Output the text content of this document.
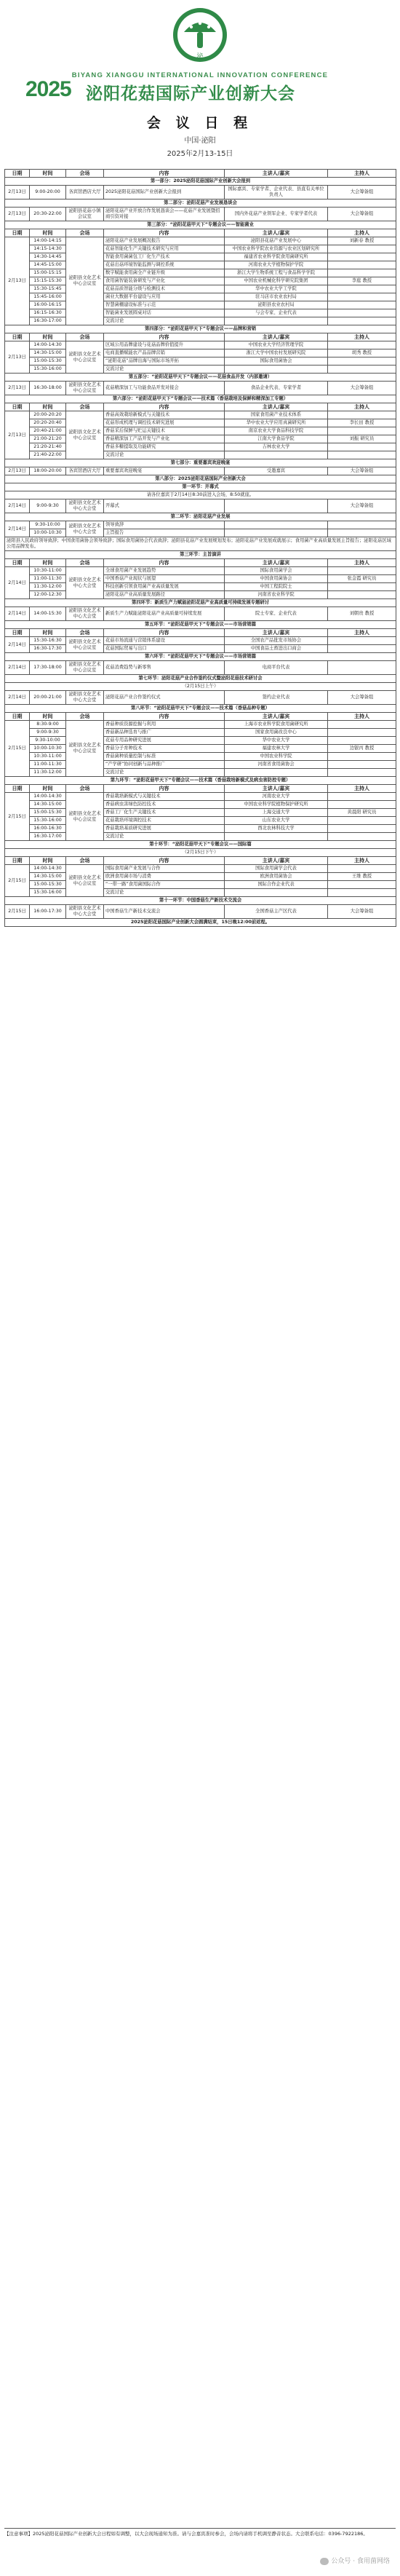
泌
BIYANG XIANGGU INTERNATIONAL INNOVATION CONFERENCE
2025 泌阳花菇国际产业创新大会
会 议 日 程
中国·泌阳
2025年2月13-15日
日期	时间	会场	内容	主讲人/嘉宾	主持人
第一部分：2025泌阳花菇国际产业创新大会报到					
2月13日	9:00-20:00	各宾馆酒店大厅	2025泌阳花菇国际产业创新大会报到	国际嘉宾、专家学者、企业代表、县直有关单位负责人	大会筹备组
第二部分：泌阳花菇产业发展恳谈会					
2月13日	20:30-22:00	泌阳县花菇小镇会议室	泌阳花菇产业开放合作发展恳谈会——花菇产业发展暨招商引资对接	国内外花菇产业领军企业、专家学者代表	大会筹备组
第三部分：“泌阳花菇甲天下”专题会议——智能菌业					
日期	时间	会场	内容	主讲人/嘉宾	主持人
2月13日	14:00-14:15	泌阳县文化艺术中心会议室	泌阳花菇产业发展概况报告	泌阳县花菇产业发展中心	刘新春 教授
	14:15-14:30		花菇智能化生产关键技术研究与应用	中国农业科学院农业资源与农业区划研究所	
	14:30-14:45		智能食用菌菌包工厂化生产技术	福建省农业科学院食用菌研究所	
	14:45-15:00		花菇出菇环境智能监测与调控系统	河南农业大学植物保护学院	
	15:00-15:15		数字赋能食用菌全产业链升级	浙江大学生物系统工程与食品科学学院	
	15:15-15:30		食用菌智能装备研发与产业化	中国农业机械化科学研究院集团	李庭 教授
	15:30-15:45		花菇品质智能分级与检测技术	华中农业大学工学院	
	15:45-16:00		菌业大数据平台建设与应用	驻马店市农业农村局	
	16:00-16:15		智慧菌棚建设标准与示范	泌阳县农业农村局	
	16:15-16:30		智能菌业发展圆桌对话	与会专家、企业代表	
	16:30-17:00		交流讨论		
第四部分：“泌阳花菇甲天下”专题会议——品牌和营销					
日期	时间	会场	内容	主讲人/嘉宾	主持人
2月13日	14:00-14:30	泌阳县文化艺术中心会议室	区域公用品牌建设与花菇品牌价值提升	中国农业大学经济管理学院	
	14:30-15:00		电商直播赋能农产品品牌营销	浙江大学中国农村发展研究院	胡秀 教授
	15:00-15:30		“泌阳花菇”品牌出海与国际市场开拓	国际食用菌协会	
	15:30-16:00		交流讨论		
第五部分：“泌阳花菇甲天下”专题会议——花菇食品开发（内部邀请）					
2月13日	16:30-18:00	泌阳县文化艺术中心会议室	花菇精深加工与功能食品开发对接会	食品企业代表、专家学者	大会筹备组
第六部分：“泌阳花菇甲天下”专题会议——技术篇（香菇栽培及保鲜和精深加工专题）					
日期	时间	会场	内容	主讲人/嘉宾	主持人
2月13日	20:00-20:20	泌阳县文化艺术中心会议室	香菇高效栽培新模式与关键技术	国家食用菌产业技术体系	
	20:20-20:40		花菇形成机理与调控技术研究进展	华中农业大学应用真菌研究所	李长田 教授
	20:40-21:00		香菇采后保鲜与贮运关键技术	南京农业大学食品科技学院	
	21:00-21:20		香菇精深加工产品开发与产业化	江南大学食品学院	刘振 研究员
	21:20-21:40		香菇多糖提取及功能研究	吉林农业大学	
	21:40-22:00		交流讨论		
第七部分：重要嘉宾欢迎晚宴					
2月13日	18:00-20:00	各宾馆酒店大厅	重要嘉宾欢迎晚宴	受邀嘉宾	大会筹备组
第八部分：2025泌阳花菇国际产业创新大会					
第一环节：开幕式					
请各位嘉宾于2月14日8:30前进入会场，8:50就座。					
2月14日	9:00-9:30	泌阳县文化艺术中心大会堂	开幕式		大会筹备组
第二环节：泌阳花菇产业发展					
2月14日	9:30-10:00	泌阳县文化艺术中心大会堂	领导致辞		
	10:00-10:30		主旨报告		
泌阳县人民政府领导致辞；中国食用菌协会领导致辞；国际食用菌协会代表致辞；泌阳县花菇产业发展规划发布；泌阳花菇产业发展成就展示；食用菌产业高质量发展主旨报告；泌阳花菇区域公用品牌发布。					
第三环节：主旨演讲					
日期	时间	会场	内容	主讲人/嘉宾	主持人
2月14日	10:30-11:00	泌阳县文化艺术中心大会堂	全球食用菌产业发展趋势	国际食用菌学会	
	11:00-11:30		中国香菇产业现状与展望	中国食用菌协会	张金霞 研究员
	11:30-12:00		科技创新引领食用菌产业高质量发展	中国工程院院士	
	12:00-12:30		泌阳花菇产业高质量发展路径	河南省农业科学院	
第四环节：新质生产力赋能泌阳花菇产业高质量可持续发展专题研讨					
2月14日	14:00-15:30	泌阳县文化艺术中心大会堂	新质生产力赋能泌阳花菇产业高质量可持续发展	院士专家、企业代表	刘朝贵 教授
第五环节：“泌阳花菇甲天下”专题会议——市场营销篇					
日期	时间	会场	内容	主讲人/嘉宾	主持人
2月14日	15:30-16:30	泌阳县文化艺术中心会议室	花菇市场流通与营销体系建设	全国农产品批发市场协会	
	16:30-17:30		花菇国际贸易与出口	中国食品土畜进出口商会	
第六环节：“泌阳花菇甲天下”专题会议——市场营销篇					
2月14日	17:30-18:00	泌阳县文化艺术中心会议室	花菇消费趋势与新零售	电商平台代表	
第七环节：泌阳花菇产业合作签约仪式暨泌阳花菇技术研讨会					
（2月15日上午）					
2月14日	20:00-21:00	泌阳县文化艺术中心大会堂	泌阳花菇产业合作签约仪式	签约企业代表	大会筹备组
第八环节：“泌阳花菇甲天下”专题会议——技术篇（香菇品种专题）					
日期	时间	会场	内容	主讲人/嘉宾	主持人
2月15日	8:30-9:00	泌阳县文化艺术中心会议室	香菇种质资源挖掘与利用	上海市农业科学院食用菌研究所	
	9:00-9:30		香菇新品种选育与推广	国家食用菌改良中心	
	9:30-10:00		花菇专用品种研究进展	华中农业大学	
	10:00-10:30		香菇分子育种技术	福建农林大学	边银丙 教授
	10:30-11:00		香菇菌种质量控制与标准	中国农业科学院	
	11:00-11:30		“产学研”协同创新与品种推广	河南省食用菌协会	
	11:30-12:00		交流讨论		
第九环节：“泌阳花菇甲天下”专题会议——技术篇（香菇栽培新模式及病虫害防控专题）					
日期	时间	会场	内容	主讲人/嘉宾	主持人
2月15日	14:00-14:30	泌阳县文化艺术中心会议室	香菇栽培新模式与关键技术	河南农业大学	
	14:30-15:00		香菇病虫害绿色防控技术	中国农业科学院植物保护研究所	
	15:00-15:30		香菇工厂化生产关键技术	上海交通大学	黄晨阳 研究员
	15:30-16:00		花菇栽培环境调控技术	山东农业大学	
	16:00-16:30		香菇栽培基质研究进展	西北农林科技大学	
	16:30-17:00		交流讨论		
第十环节：“泌阳花菇甲天下”专题会议——国际篇					
（2月15日下午）					
日期	时间	会场	内容	主讲人/嘉宾	主持人
2月15日	14:00-14:30	泌阳县文化艺术中心会议室	国际食用菌产业发展与合作	国际食用菌学会代表	
	14:30-15:00		欧洲食用菌市场与消费	欧洲食用菌协会	王维 教授
	15:00-15:30		“一带一路”食用菌国际合作	国际合作企业代表	
	15:30-16:00		交流讨论		
第十一环节：中国香菇生产新技术交流会					
2月15日	16:00-17:30	泌阳县文化艺术中心大会堂	中国香菇生产新技术交流会	全国香菇主产区代表	大会筹备组
2025泌阳花菇国际产业创新大会圆满结束，15日晚12:00前返程。					
【注意事项】2025泌阳花菇国际产业创新大会日程如有调整，以大会现场通知为准。请与会嘉宾准时参会，会场内请将手机调至静音状态。大会联系电话：0396-7922186。
公众号 · 食用菌网络
